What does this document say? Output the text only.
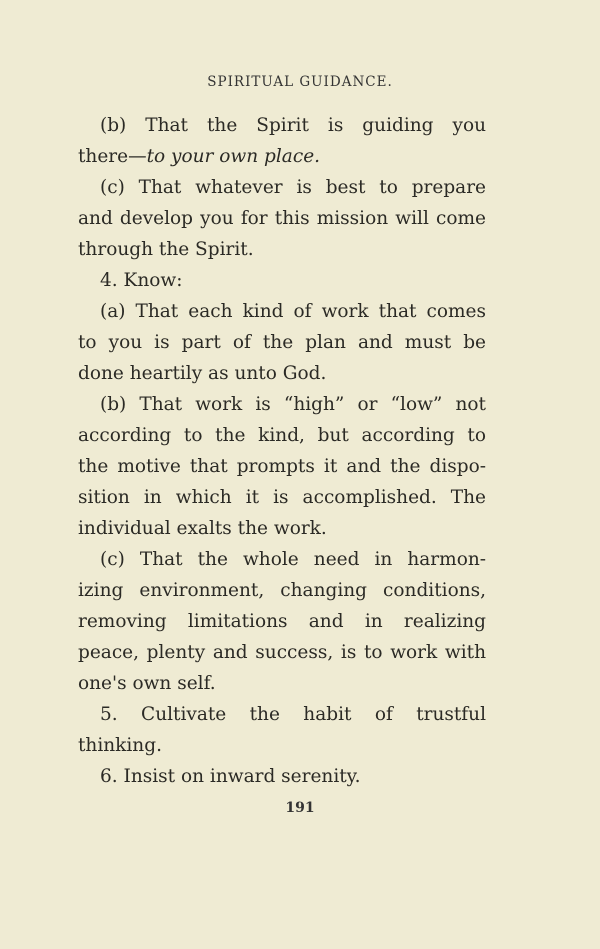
SPIRITUAL GUIDANCE.
(b) That the Spirit is guiding you
there—to your own place.
(c) That whatever is best to prepare
and develop you for this mission will come
through the Spirit.
4. Know:
(a) That each kind of work that comes
to you is part of the plan and must be
done heartily as unto God.
(b) That work is “high” or “low” not
according to the kind, but according to
the motive that prompts it and the dispo-
sition in which it is accomplished. The
individual exalts the work.
(c) That the whole need in harmon-
izing environment, changing conditions,
removing limitations and in realizing
peace, plenty and success, is to work with
one's own self.
5. Cultivate the habit of trustful
thinking.
6. Insist on inward serenity.
191
